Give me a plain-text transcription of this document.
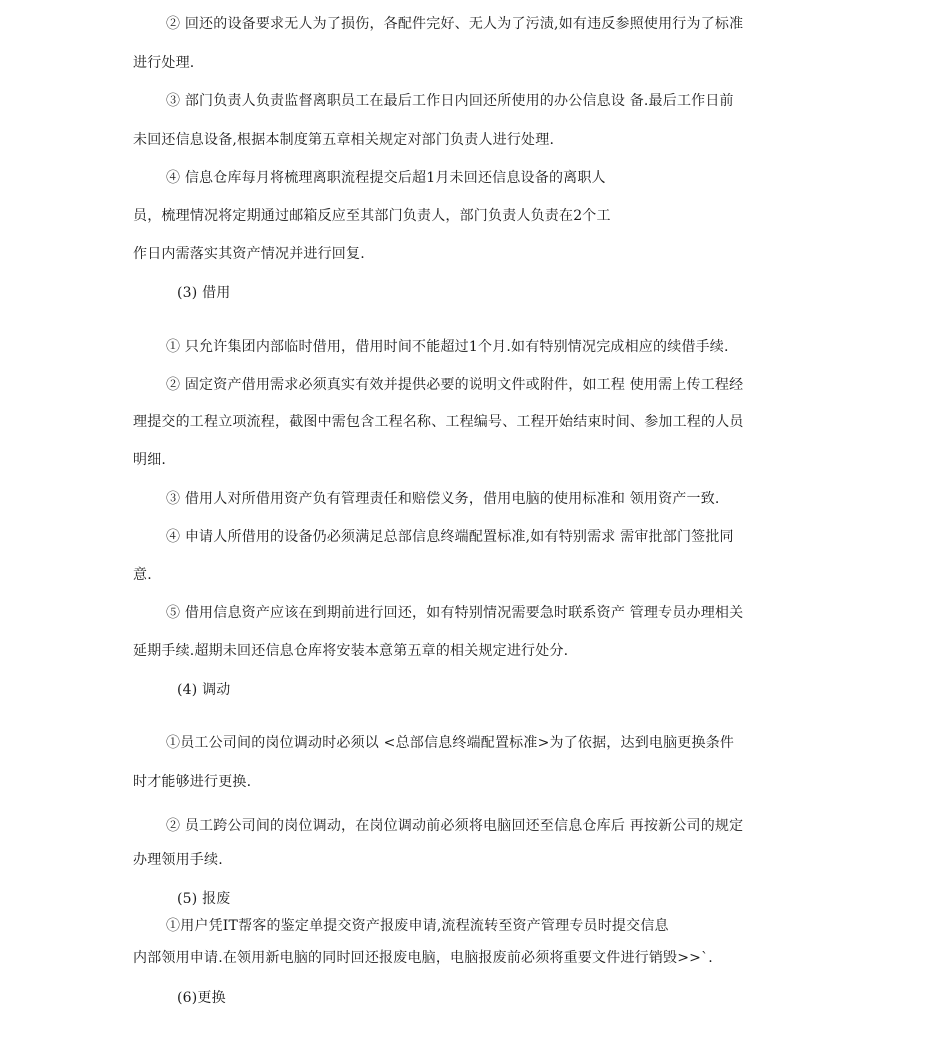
② 回还的设备要求无人为了损伤，各配件完好、无人为了污渍,如有违反参照使用行为了标准
进行处理.
③ 部门负责人负责监督离职员工在最后工作日内回还所使用的办公信息设 备.最后工作日前
未回还信息设备,根据本制度第五章相关规定对部门负责人进行处理.
④ 信息仓库每月将梳理离职流程提交后超1月未回还信息设备的离职人
员，梳理情况将定期通过邮箱反应至其部门负责人，部门负责人负责在2个工
作日内需落实其资产情况并进行回复.
(3) 借用
① 只允许集团内部临时借用，借用时间不能超过1个月.如有特别情况完成相应的续借手续.
② 固定资产借用需求必须真实有效并提供必要的说明文件或附件，如工程 使用需上传工程经
理提交的工程立项流程，截图中需包含工程名称、工程编号、工程开始结束时间、参加工程的人员
明细.
③ 借用人对所借用资产负有管理责任和赔偿义务，借用电脑的使用标准和 领用资产一致.
④ 申请人所借用的设备仍必须满足总部信息终端配置标准,如有特别需求 需审批部门签批同
意.
⑤ 借用信息资产应该在到期前进行回还，如有特别情况需要急时联系资产 管理专员办理相关
延期手续.超期未回还信息仓库将安装本意第五章的相关规定进行处分.
(4) 调动
①员工公司间的岗位调动时必须以 <总部信息终端配置标准>为了依据，达到电脑更换条件
时才能够进行更换.
② 员工跨公司间的岗位调动，在岗位调动前必须将电脑回还至信息仓库后 再按新公司的规定
办理领用手续.
(5) 报废
①用户凭IT帮客的鉴定单提交资产报废申请,流程流转至资产管理专员时提交信息
内部领用申请.在领用新电脑的同时回还报废电脑，电脑报废前必须将重要文件进行销毁>>`.
(6)更换
